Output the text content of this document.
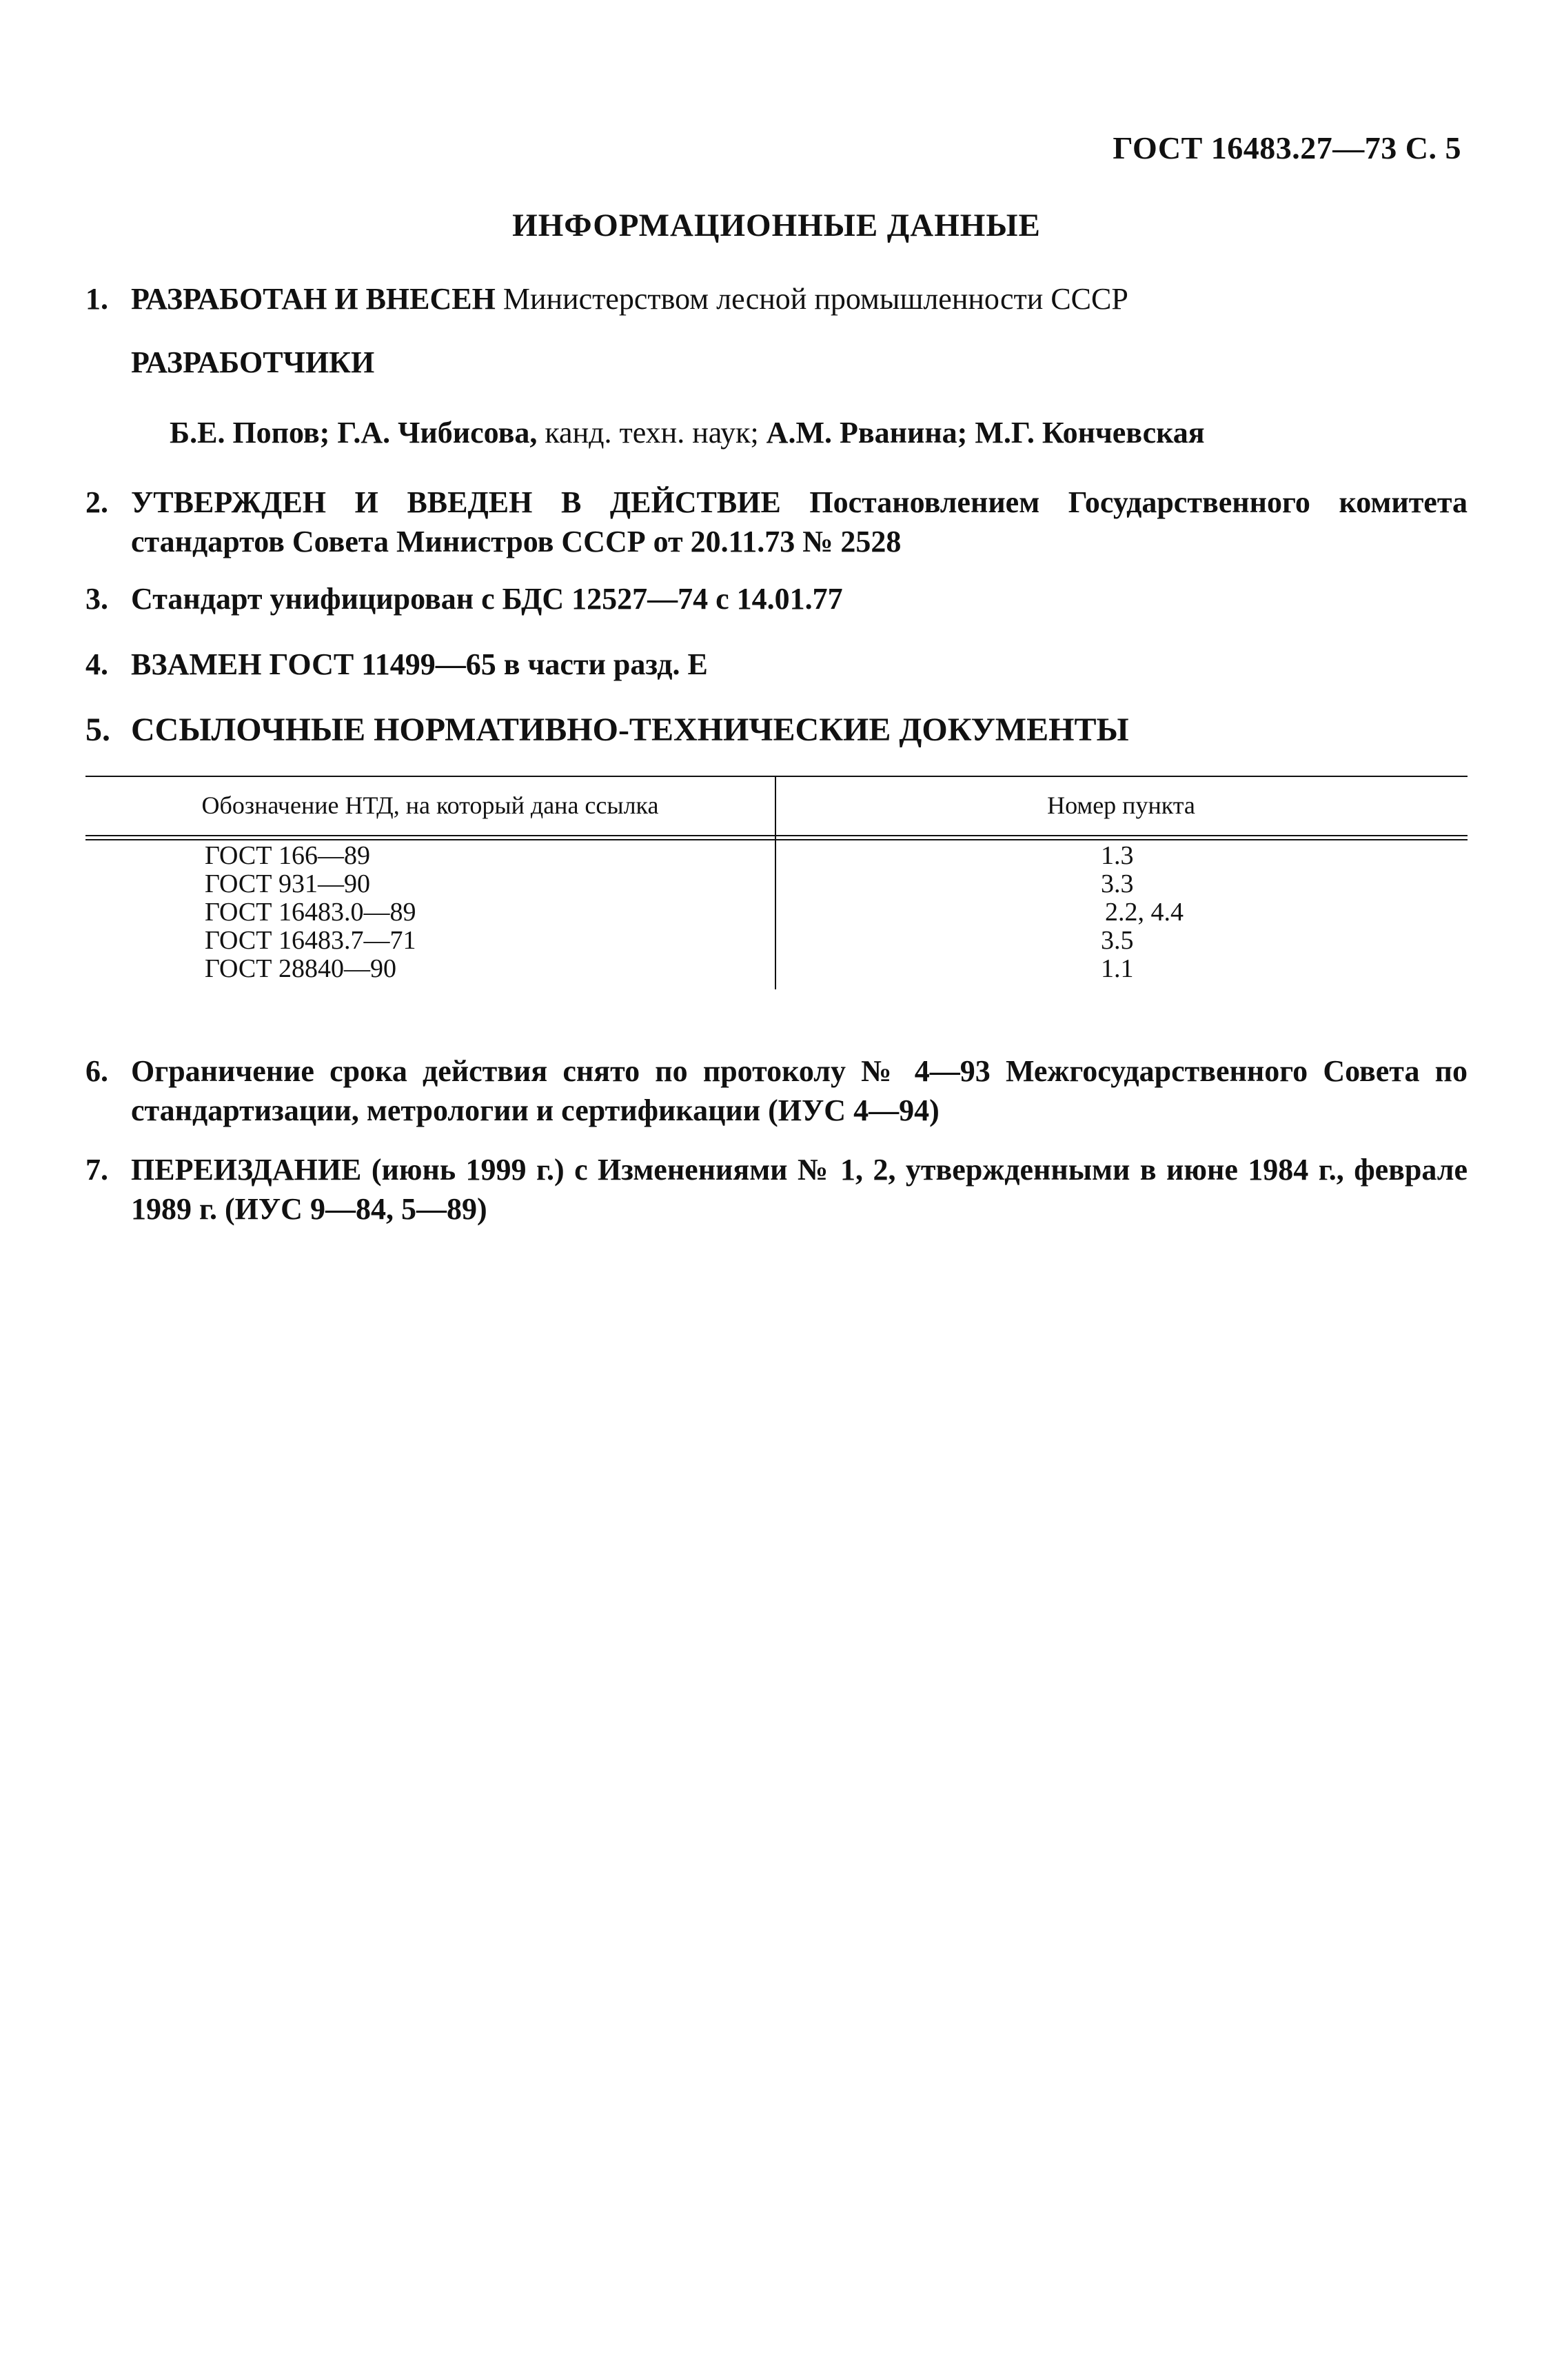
ГОСТ 16483.27—73 С. 5
ИНФОРМАЦИОННЫЕ ДАННЫЕ
1. РАЗРАБОТАН И ВНЕСЕН Министерством лесной промышленности СССР
РАЗРАБОТЧИКИ
Б.Е. Попов; Г.А. Чибисова, канд. техн. наук; А.М. Рванина; М.Г. Кончевская
2. УТВЕРЖДЕН И ВВЕДЕН В ДЕЙСТВИЕ Постановлением Государственного комитета стандартов Совета Министров СССР от 20.11.73 № 2528
3. Стандарт унифицирован с БДС 12527—74 с 14.01.77
4. ВЗАМЕН ГОСТ 11499—65 в части разд. Е
5. ССЫЛОЧНЫЕ НОРМАТИВНО-ТЕХНИЧЕСКИЕ ДОКУМЕНТЫ
Обозначение НТД, на который дана ссылка	Номер пункта
ГОСТ 166—89
ГОСТ 931—90
ГОСТ 16483.0—89
ГОСТ 16483.7—71
ГОСТ 28840—90
1.3
3.3
2.2, 4.4
3.5
1.1
6. Ограничение срока действия снято по протоколу № 4—93 Межгосударственного Совета по стандартизации, метрологии и сертификации (ИУС 4—94)
7. ПЕРЕИЗДАНИЕ (июнь 1999 г.) с Изменениями № 1, 2, утвержденными в июне 1984 г., феврале 1989 г. (ИУС 9—84, 5—89)
